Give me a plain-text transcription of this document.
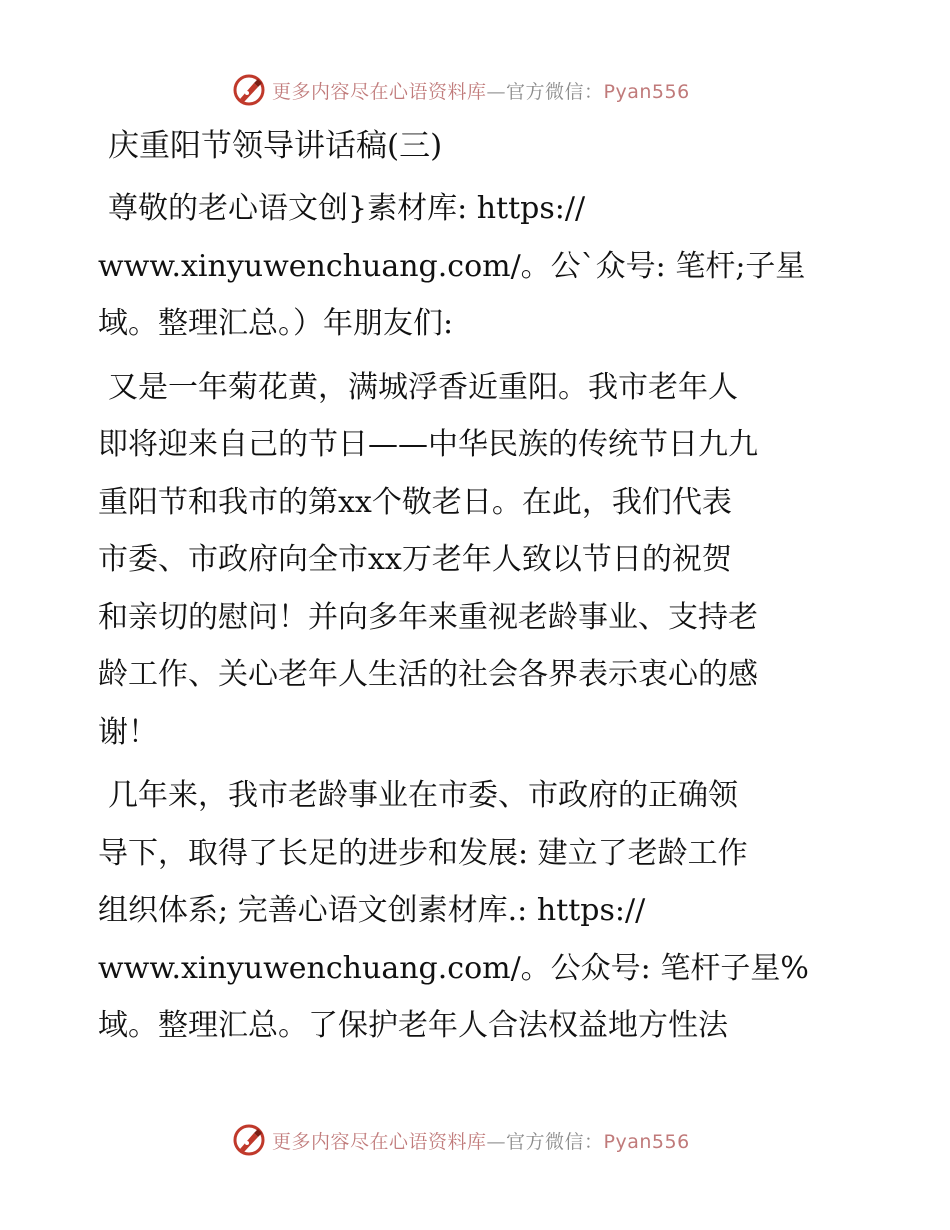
更多内容尽在心语资料库—官方微信：Pyan556
庆重阳节领导讲话稿(三)
尊敬的老心语文创}素材库: https://
www.xinyuwenchuang.com/。公`众号: 笔杆;子星
域。整理汇总。）年朋友们:
又是一年菊花黄，满城浮香近重阳。我市老年人
即将迎来自己的节日——中华民族的传统节日九九
重阳节和我市的第xx个敬老日。在此，我们代表
市委、市政府向全市xx万老年人致以节日的祝贺
和亲切的慰问！并向多年来重视老龄事业、支持老
龄工作、关心老年人生活的社会各界表示衷心的感
谢！
几年来，我市老龄事业在市委、市政府的正确领
导下，取得了长足的进步和发展: 建立了老龄工作
组织体系; 完善心语文创素材库.: https://
www.xinyuwenchuang.com/。公众号: 笔杆子星%
域。整理汇总。了保护老年人合法权益地方性法
更多内容尽在心语资料库—官方微信：Pyan556
